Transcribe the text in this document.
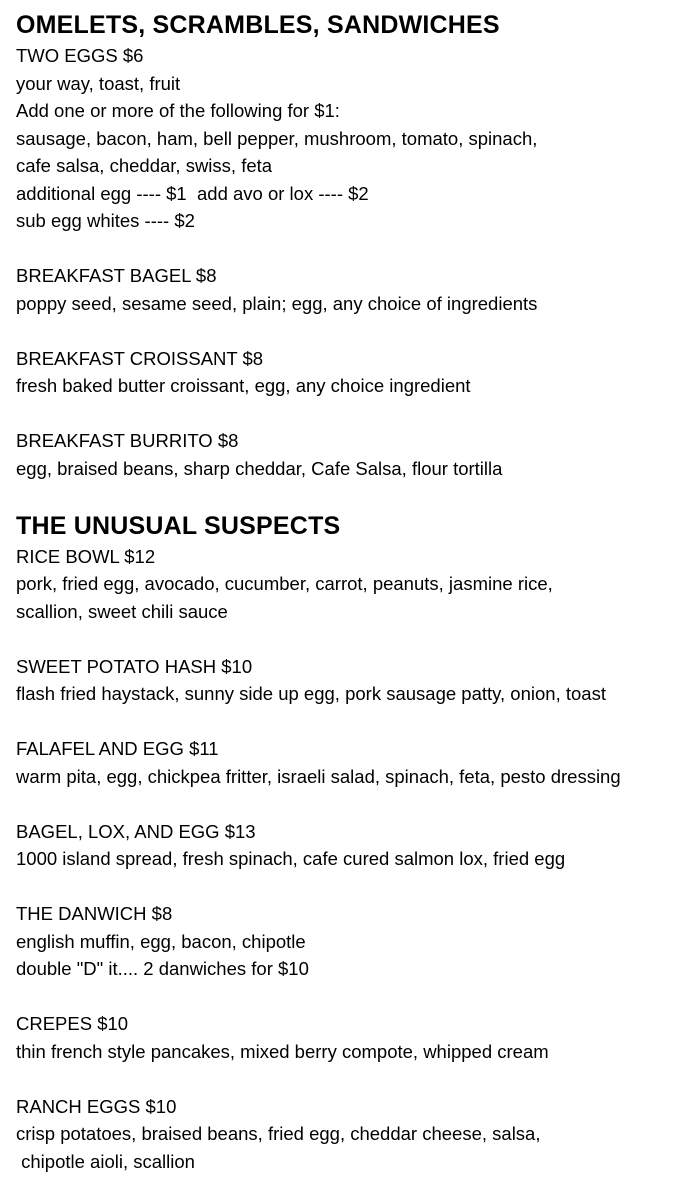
OMELETS, SCRAMBLES, SANDWICHES
TWO EGGS $6
your way, toast, fruit
Add one or more of the following for $1:
sausage, bacon, ham, bell pepper, mushroom, tomato, spinach,
cafe salsa, cheddar, swiss, feta
additional egg ---- $1  add avo or lox ---- $2
sub egg whites ---- $2
BREAKFAST BAGEL $8
poppy seed, sesame seed, plain; egg, any choice of ingredients
BREAKFAST CROISSANT $8
fresh baked butter croissant, egg, any choice ingredient
BREAKFAST BURRITO $8
egg, braised beans, sharp cheddar, Cafe Salsa, flour tortilla
THE UNUSUAL SUSPECTS
RICE BOWL $12
pork, fried egg, avocado, cucumber, carrot, peanuts, jasmine rice,
scallion, sweet chili sauce
SWEET POTATO HASH $10
flash fried haystack, sunny side up egg, pork sausage patty, onion, toast
FALAFEL AND EGG $11
warm pita, egg, chickpea fritter, israeli salad, spinach, feta, pesto dressing
BAGEL, LOX, AND EGG $13
1000 island spread, fresh spinach, cafe cured salmon lox, fried egg
THE DANWICH $8
english muffin, egg, bacon, chipotle
double "D" it.... 2 danwiches for $10
CREPES $10
thin french style pancakes, mixed berry compote, whipped cream
RANCH EGGS $10
crisp potatoes, braised beans, fried egg, cheddar cheese, salsa,
chipotle aioli, scallion
